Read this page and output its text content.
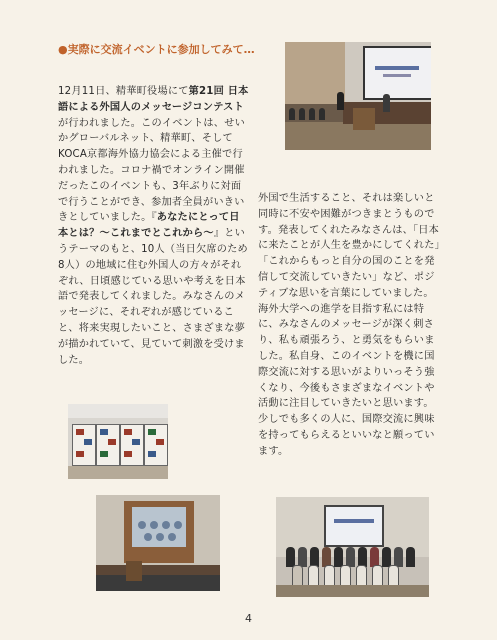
●実際に交流イベントに参加してみて…
12月11日、精華町役場にて第21回 日本語による外国人のメッセージコンテストが行われました。このイベントは、せいかグローバルネット、精華町、そしてKOCA京都海外協力協会による主催で行われました。コロナ禍でオンライン開催だったこのイベントも、3年ぶりに対面で行うことができ、参加者全員がいきいきとしていました。『あなたにとって日本とは？～これまでとこれから～』というテーマのもと、10人（当日欠席のため8人）の地域に住む外国人の方々がそれぞれ、日頃感じている思いや考えを日本語で発表してくれました。みなさんのメッセージに、それぞれが感じていること、将来実現したいこと、さまざまな夢が描かれていて、見ていて刺激を受けました。
外国で生活すること、それは楽しいと同時に不安や困難がつきまとうものです。発表してくれたみなさんは、「日本に来たことが人生を豊かにしてくれた」「これからもっと自分の国のことを発信して交流していきたい」など、ポジティブな思いを言葉にしていました。海外大学への進学を目指す私には特に、みなさんのメッセージが深く刺さり、私も頑張ろう、と勇気をもらいました。私自身、このイベントを機に国際交流に対する思いがよりいっそう強くなり、今後もさまざまなイベントや活動に注目していきたいと思います。少しでも多くの人に、国際交流に興味を持ってもらえるといいなと願っています。
4
